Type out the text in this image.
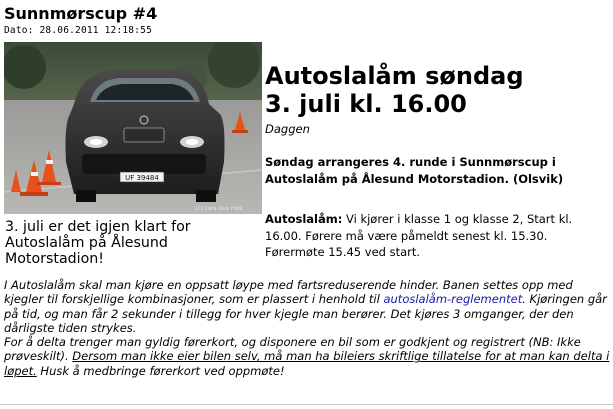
Sunnmørscup #4
Dato: 28.06.2011 12:18:55
UF 39484
(C) Lars Ove Holk
3. juli er det igjen klart for Autoslalåm på Ålesund Motorstadion!
Autoslalåm søndag
3. juli kl. 16.00
Daggen
Søndag arrangeres 4. runde i Sunnmørscup i Autoslalåm på Ålesund Motorstadion. (Olsvik)
Autoslalåm: Vi kjører i klasse 1 og klasse 2, Start kl. 16.00. Førere må være påmeldt senest kl. 15.30. Førermøte 15.45 ved start.
I Autoslalåm skal man kjøre en oppsatt løype med fartsreduserende hinder. Banen settes opp med kjegler til forskjellige kombinasjoner, som er plassert i henhold til autoslalåm-reglementet. Kjøringen går på tid, og man får 2 sekunder i tillegg for hver kjegle man berører. Det kjøres 3 omganger, der den dårligste tiden strykes.
For å delta trenger man gyldig førerkort, og disponere en bil som er godkjent og registrert (NB: Ikke prøveskilt). Dersom man ikke eier bilen selv, må man ha bileiers skriftlige tillatelse for at man kan delta i løpet. Husk å medbringe førerkort ved oppmøte!
